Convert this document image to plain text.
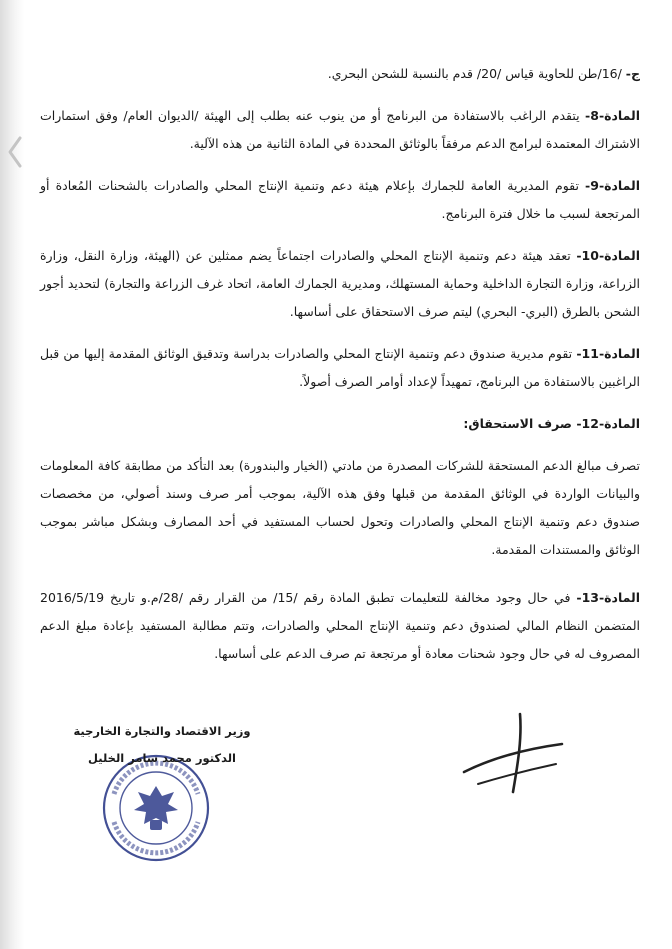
ج- /16/طن للحاوية قياس /20/ قدم بالنسبة للشحن البحري.

المادة-8- يتقدم الراغب بالاستفادة من البرنامج أو من ينوب عنه بطلب إلى الهيئة /الديوان العام/ وفق استمارات الاشتراك المعتمدة لبرامج الدعم مرفقاً بالوثائق المحددة في المادة الثانية من هذه الآلية.

المادة-9- تقوم المديرية العامة للجمارك بإعلام هيئة دعم وتنمية الإنتاج المحلي والصادرات بالشحنات المُعادة أو المرتجعة لسبب ما خلال فترة البرنامج.

المادة-10- تعقد هيئة دعم وتنمية الإنتاج المحلي والصادرات اجتماعاً يضم ممثلين عن (الهيئة، وزارة النقل، وزارة الزراعة، وزارة التجارة الداخلية وحماية المستهلك، ومديرية الجمارك العامة، اتحاد غرف الزراعة والتجارة) لتحديد أجور الشحن بالطرق (البري- البحري) ليتم صرف الاستحقاق على أساسها.

المادة-11- تقوم مديرية صندوق دعم وتنمية الإنتاج المحلي والصادرات بدراسة وتدقيق الوثائق المقدمة إليها من قبل الراغبين بالاستفادة من البرنامج، تمهيداً لإعداد أوامر الصرف أصولاً.

المادة-12- صرف الاستحقاق:

تصرف مبالغ الدعم المستحقة للشركات المصدرة من مادتي (الخيار والبندورة) بعد التأكد من مطابقة كافة المعلومات والبيانات الواردة في الوثائق المقدمة من قبلها وفق هذه الآلية، بموجب أمر صرف وسند أصولي، من مخصصات صندوق دعم وتنمية الإنتاج المحلي والصادرات وتحول لحساب المستفيد في أحد المصارف وبشكل مباشر بموجب الوثائق والمستندات المقدمة.

المادة-13- في حال وجود مخالفة للتعليمات تطبق المادة رقم /15/ من القرار رقم /28/م.و تاريخ 2016/5/19 المتضمن النظام المالي لصندوق دعم وتنمية الإنتاج المحلي والصادرات، وتتم مطالبة المستفيد بإعادة مبلغ الدعم المصروف له في حال وجود شحنات معادة أو مرتجعة تم صرف الدعم على أساسها.

وزير الاقتصاد والتجارة الخارجية
الدكتور محمد سامر الخليل
